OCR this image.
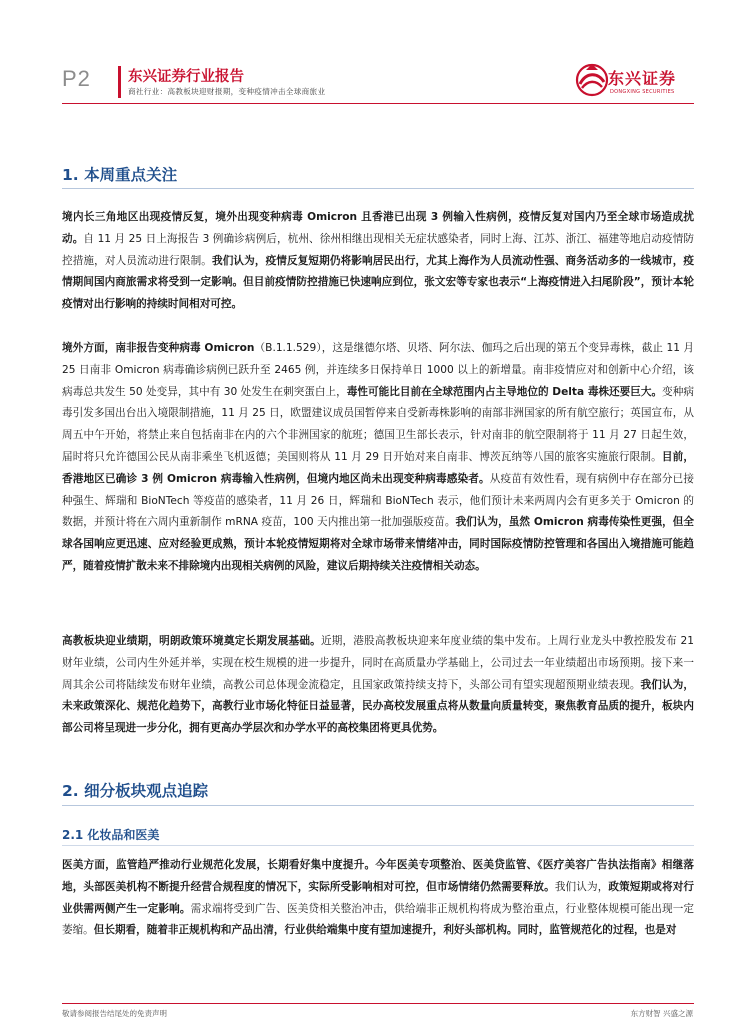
P2	东兴证券行业报告
商社行业：高教板块迎财报期，变种疫情冲击全球商旅业
东兴证券
DONGXING SECURITIES
1. 本周重点关注

境内长三角地区出现疫情反复，境外出现变种病毒 Omicron 且香港已出现 3 例输入性病例，疫情反复对国内乃至全球市场造成扰动。自 11 月 25 日上海报告 3 例确诊病例后，杭州、徐州相继出现相关无症状感染者，同时上海、江苏、浙江、福建等地启动疫情防控措施，对人员流动进行限制。我们认为，疫情反复短期仍将影响居民出行，尤其上海作为人员流动性强、商务活动多的一线城市，疫情期间国内商旅需求将受到一定影响。但目前疫情防控措施已快速响应到位，张文宏等专家也表示“上海疫情进入扫尾阶段”，预计本轮疫情对出行影响的持续时间相对可控。

境外方面，南非报告变种病毒 Omicron（B.1.1.529），这是继德尔塔、贝塔、阿尔法、伽玛之后出现的第五个变异毒株，截止 11 月 25 日南非 Omicron 病毒确诊病例已跃升至 2465 例，并连续多日保持单日 1000 以上的新增量。南非疫情应对和创新中心介绍，该病毒总共发生 50 处变异，其中有 30 处发生在刺突蛋白上，毒性可能比目前在全球范围内占主导地位的 Delta 毒株还要巨大。变种病毒引发多国出台出入境限制措施，11 月 25 日，欧盟建议成员国暂停来自受新毒株影响的南部非洲国家的所有航空旅行；英国宣布，从周五中午开始，将禁止来自包括南非在内的六个非洲国家的航班；德国卫生部长表示，针对南非的航空限制将于 11 月 27 日起生效，届时将只允许德国公民从南非乘坐飞机返德；美国则将从 11 月 29 日开始对来自南非、博茨瓦纳等八国的旅客实施旅行限制。目前，香港地区已确诊 3 例 Omicron 病毒输入性病例，但境内地区尚未出现变种病毒感染者。从疫苗有效性看，现有病例中存在部分已接种强生、辉瑞和 BioNTech 等疫苗的感染者，11 月 26 日，辉瑞和 BioNTech 表示，他们预计未来两周内会有更多关于 Omicron 的数据，并预计将在六周内重新制作 mRNA 疫苗，100 天内推出第一批加强版疫苗。我们认为，虽然 Omicron 病毒传染性更强，但全球各国响应更迅速、应对经验更成熟，预计本轮疫情短期将对全球市场带来情绪冲击，同时国际疫情防控管理和各国出入境措施可能趋严，随着疫情扩散未来不排除境内出现相关病例的风险，建议后期持续关注疫情相关动态。

高教板块迎业绩期，明朗政策环境奠定长期发展基础。近期，港股高教板块迎来年度业绩的集中发布。上周行业龙头中教控股发布 21 财年业绩，公司内生外延并举，实现在校生规模的进一步提升，同时在高质量办学基础上，公司过去一年业绩超出市场预期。接下来一周其余公司将陆续发布财年业绩，高教公司总体现金流稳定，且国家政策持续支持下，头部公司有望实现超预期业绩表现。我们认为，未来政策深化、规范化趋势下，高教行业市场化特征日益显著，民办高校发展重点将从数量向质量转变，聚焦教育品质的提升，板块内部公司将呈现进一步分化，拥有更高办学层次和办学水平的高校集团将更具优势。

2. 细分板块观点追踪
2.1 化妆品和医美

医美方面，监管趋严推动行业规范化发展，长期看好集中度提升。今年医美专项整治、医美贷监管、《医疗美容广告执法指南》相继落地，头部医美机构不断提升经营合规程度的情况下，实际所受影响相对可控，但市场情绪仍然需要释放。我们认为，政策短期或将对行业供需两侧产生一定影响。需求端将受到广告、医美贷相关整治冲击，供给端非正规机构将成为整治重点，行业整体规模可能出现一定萎缩。但长期看，随着非正规机构和产品出清，行业供给端集中度有望加速提升，利好头部机构。同时，监管规范化的过程，也是对

敬请参阅报告结尾处的免责声明	东方财智 兴盛之源
